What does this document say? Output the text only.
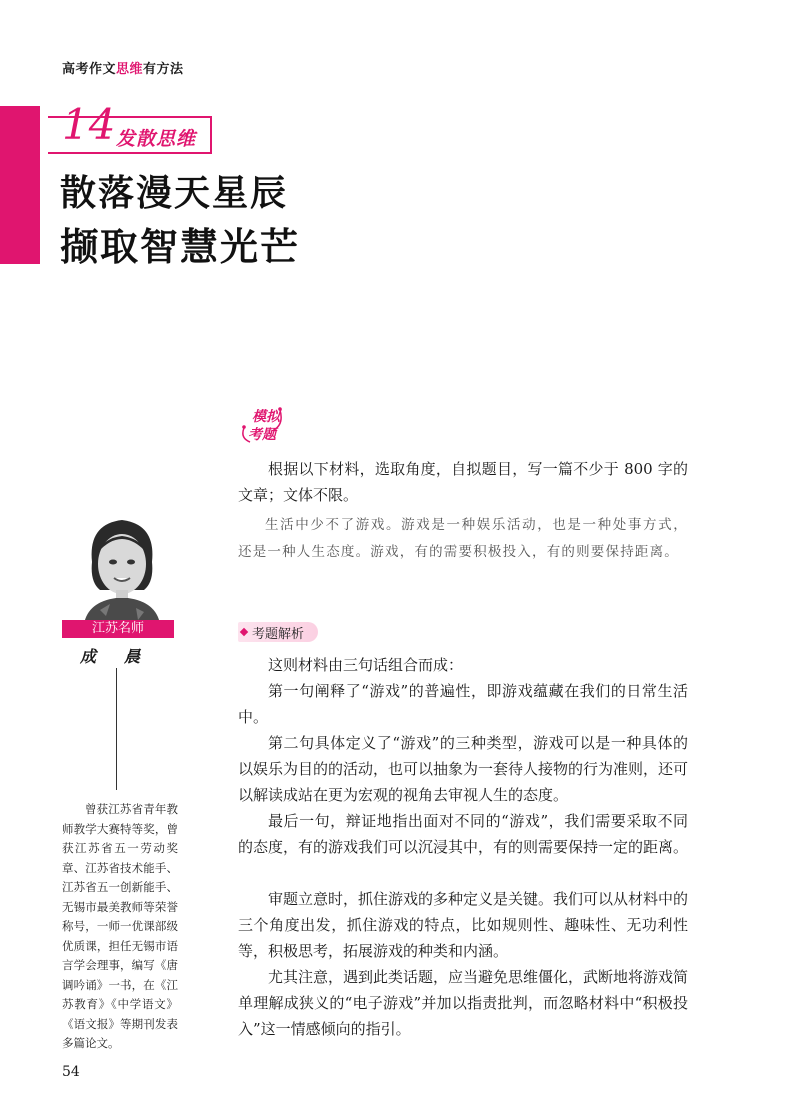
高考作文思维有方法
14 发散思维
散落漫天星辰
撷取智慧光芒
模拟
考题
根据以下材料，选取角度，自拟题目，写一篇不少于 800 字的文章；文体不限。
生活中少不了游戏。游戏是一种娱乐活动，也是一种处事方式，还是一种人生态度。游戏，有的需要积极投入，有的则要保持距离。
考题解析
这则材料由三句话组合而成：
第一句阐释了“游戏”的普遍性，即游戏蕴藏在我们的日常生活中。
第二句具体定义了“游戏”的三种类型，游戏可以是一种具体的以娱乐为目的的活动，也可以抽象为一套待人接物的行为准则，还可以解读成站在更为宏观的视角去审视人生的态度。
最后一句，辩证地指出面对不同的“游戏”，我们需要采取不同的态度，有的游戏我们可以沉浸其中，有的则需要保持一定的距离。
审题立意时，抓住游戏的多种定义是关键。我们可以从材料中的三个角度出发，抓住游戏的特点，比如规则性、趣味性、无功利性等，积极思考，拓展游戏的种类和内涵。
尤其注意，遇到此类话题，应当避免思维僵化，武断地将游戏简单理解成狭义的“电子游戏”并加以指责批判，而忽略材料中“积极投入”这一情感倾向的指引。
江苏名师
成晨
曾获江苏省青年教师教学大赛特等奖，曾获江苏省五一劳动奖章、江苏省技术能手、江苏省五一创新能手、无锡市最美教师等荣誉称号，一师一优课部级优质课，担任无锡市语言学会理事，编写《唐调吟诵》一书，在《江苏教育》《中学语文》《语文报》等期刊发表多篇论文。
54
